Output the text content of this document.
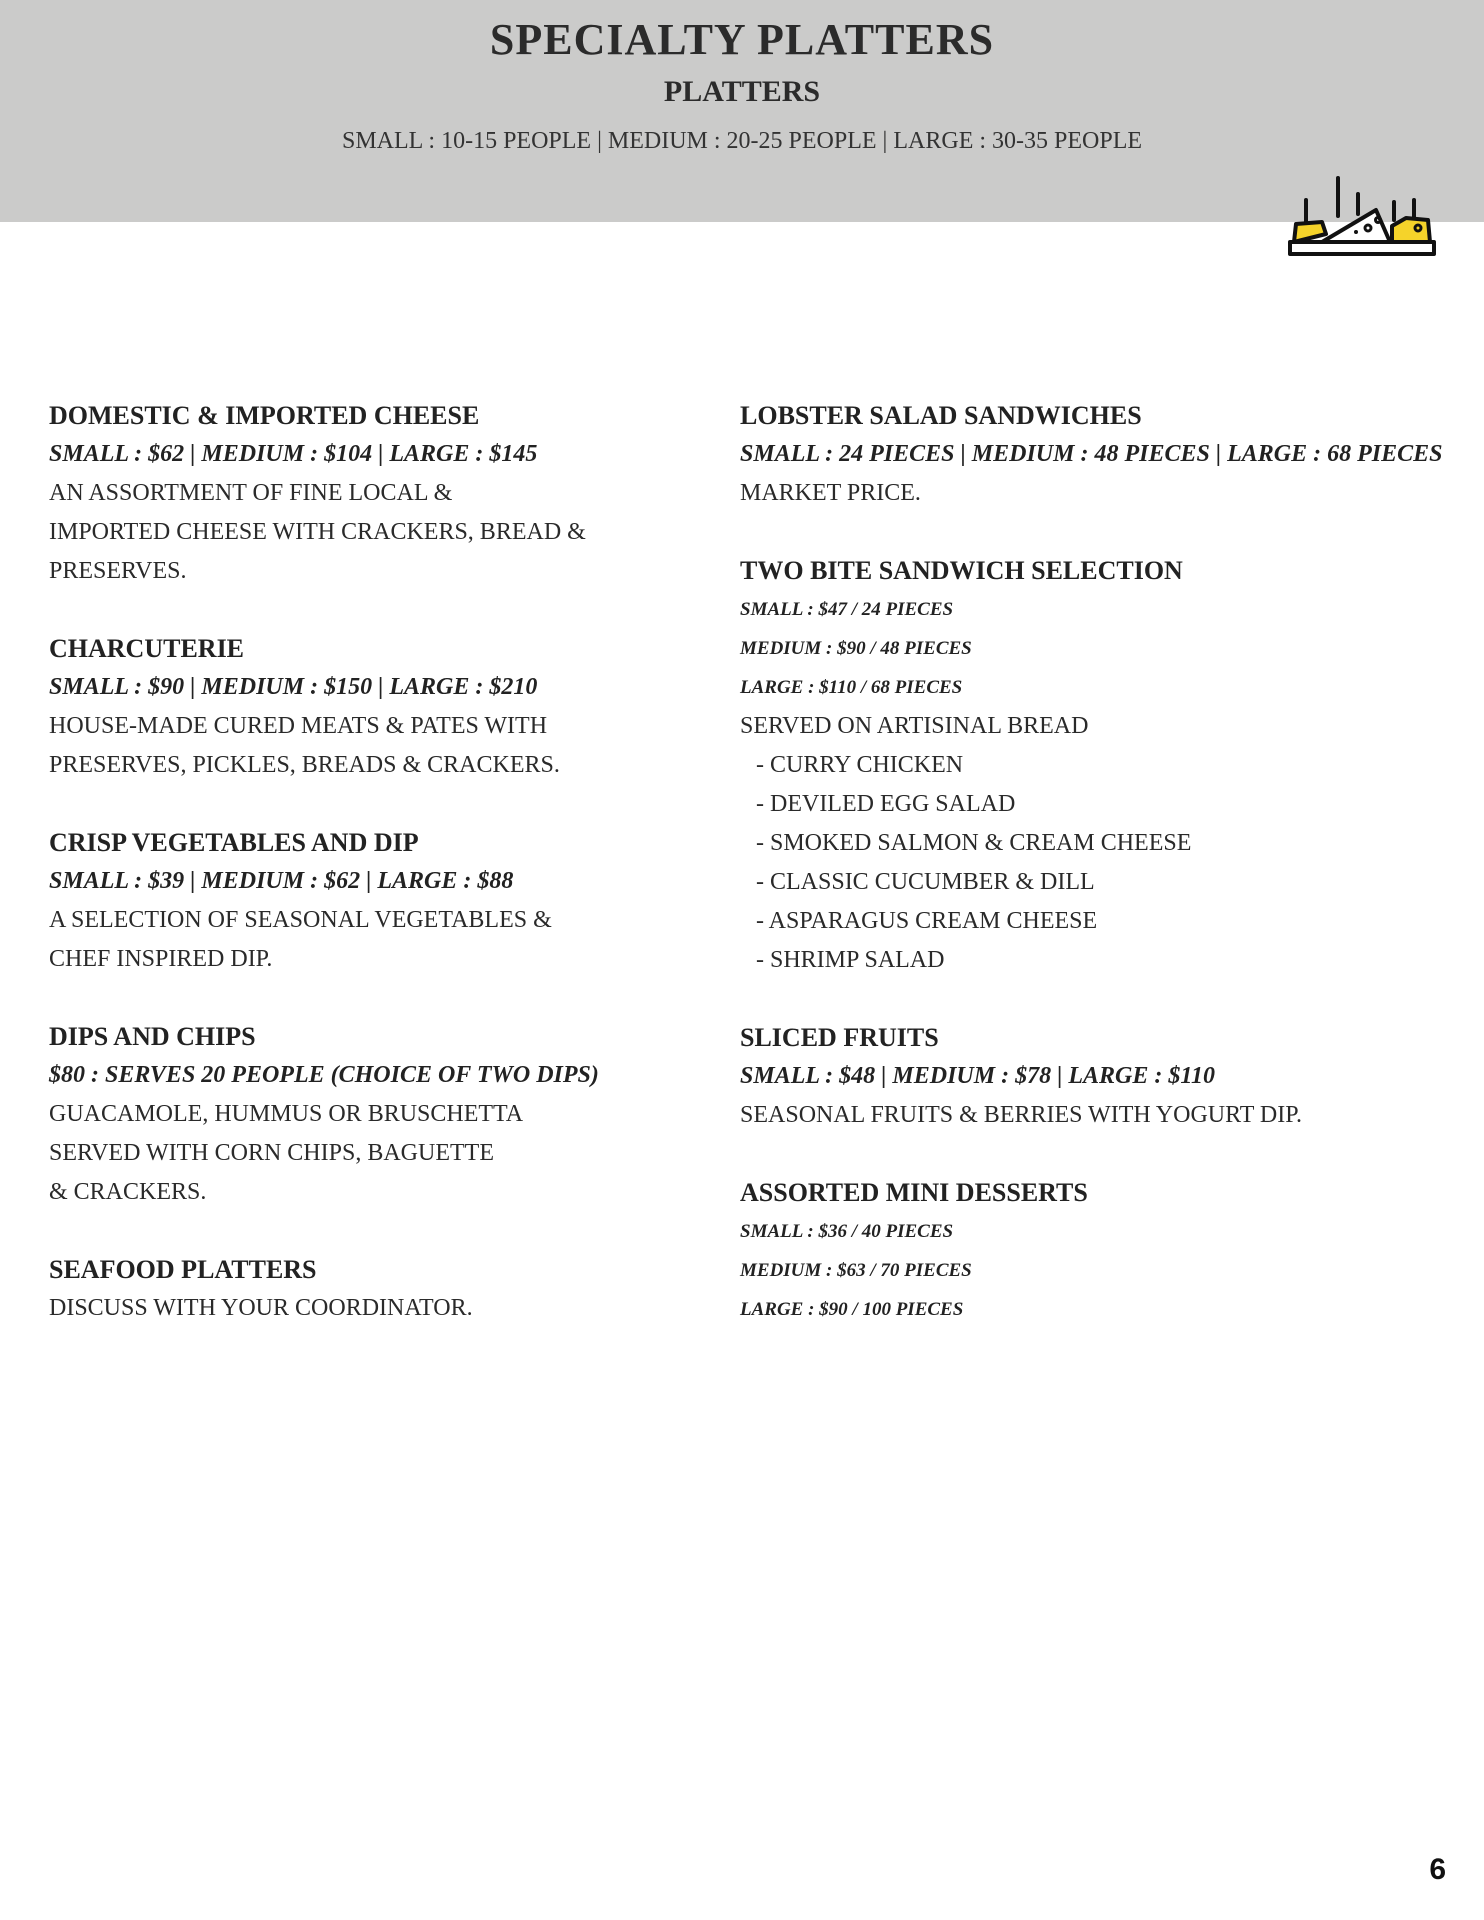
SPECIALTY PLATTERS
PLATTERS
SMALL : 10-15 PEOPLE | MEDIUM : 20-25 PEOPLE | LARGE : 30-35 PEOPLE
DOMESTIC & IMPORTED CHEESE
SMALL : $62 | MEDIUM : $104 | LARGE : $145
AN ASSORTMENT OF FINE LOCAL &
IMPORTED CHEESE WITH CRACKERS, BREAD &
PRESERVES.
CHARCUTERIE
SMALL : $90 | MEDIUM : $150 | LARGE : $210
HOUSE-MADE CURED MEATS & PATES WITH
PRESERVES, PICKLES, BREADS & CRACKERS.
CRISP VEGETABLES AND DIP
SMALL : $39 | MEDIUM : $62 | LARGE : $88
A SELECTION OF SEASONAL VEGETABLES &
CHEF INSPIRED DIP.
DIPS AND CHIPS
$80 : SERVES 20 PEOPLE (CHOICE OF TWO DIPS)
GUACAMOLE, HUMMUS OR BRUSCHETTA
SERVED WITH CORN CHIPS, BAGUETTE
& CRACKERS.
SEAFOOD PLATTERS
DISCUSS WITH YOUR COORDINATOR.
LOBSTER SALAD SANDWICHES
SMALL : 24 PIECES | MEDIUM : 48 PIECES | LARGE : 68 PIECES
MARKET PRICE.
TWO BITE SANDWICH SELECTION
SMALL : $47 / 24 PIECES
MEDIUM : $90 / 48 PIECES
LARGE : $110 / 68 PIECES
SERVED ON ARTISINAL BREAD
- CURRY CHICKEN
- DEVILED EGG SALAD
- SMOKED SALMON & CREAM CHEESE
- CLASSIC CUCUMBER & DILL
- ASPARAGUS CREAM CHEESE
- SHRIMP SALAD
SLICED FRUITS
SMALL : $48 | MEDIUM : $78 | LARGE : $110
SEASONAL FRUITS & BERRIES WITH YOGURT DIP.
ASSORTED MINI DESSERTS
SMALL : $36 / 40 PIECES
MEDIUM : $63 / 70 PIECES
LARGE : $90 / 100 PIECES
6
